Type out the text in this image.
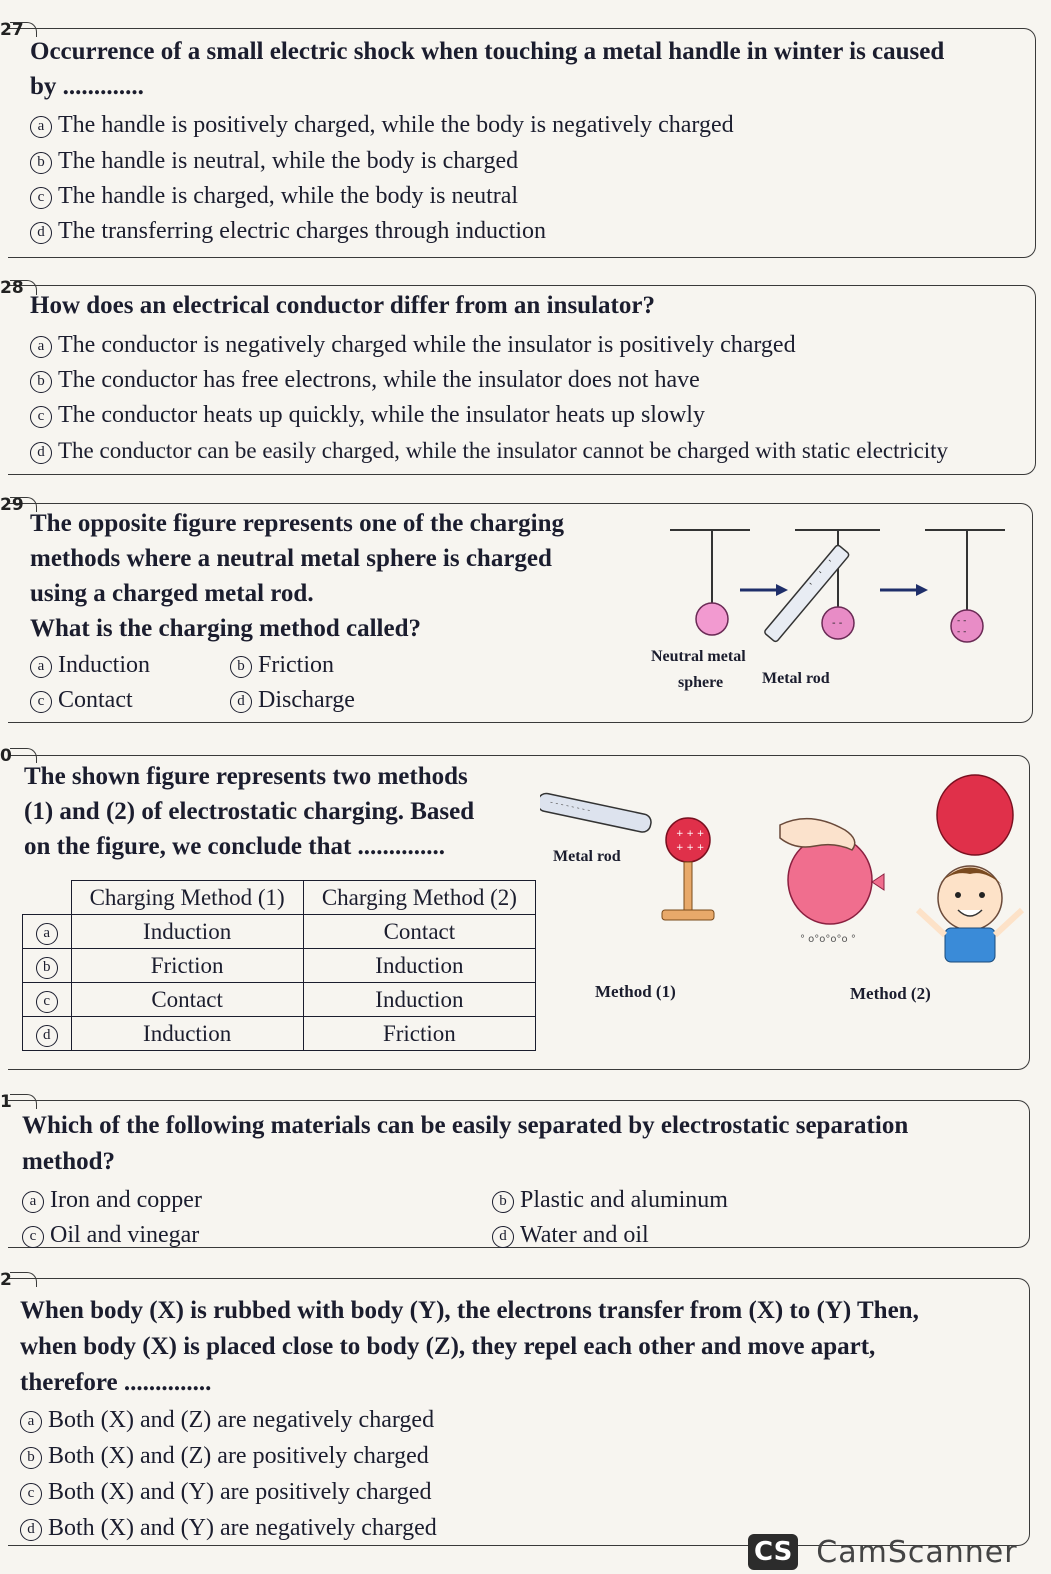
27
Occurrence of a small electric shock when touching a metal handle in winter is caused
by .............
a The handle is positively charged, while the body is negatively charged
b The handle is neutral, while the body is charged
c The handle is charged, while the body is neutral
d The transferring electric charges through induction
28
How does an electrical conductor differ from an insulator?
a The conductor is negatively charged while the insulator is positively charged
b The conductor has free electrons, while the insulator does not have
c The conductor heats up quickly, while the insulator heats up slowly
d The conductor can be easily charged, while the insulator cannot be charged with static electricity
29
The opposite figure represents one of the charging
methods where a neutral metal sphere is charged
using a charged metal rod.
What is the charging method called?
a Induction	b Friction
c Contact	d Discharge
- -
-
-
-
- -
- -
Neutral metal
sphere Metal rod
0
The shown figure represents two methods
(1) and (2) of electrostatic charging. Based
on the figure, we conclude that ..............
	Charging Method (1)	Charging Method (2)
a	Induction	Contact
b	Friction	Induction
c	Contact	Induction
d	Induction	Friction
- - - - - - - -
+ + +
+ + +
° o°o°o°o °
Metal rod
Method (1)	Method (2)
1
Which of the following materials can be easily separated by electrostatic separation
method?
a Iron and copper	b Plastic and aluminum
c Oil and vinegar	d Water and oil
2
When body (X) is rubbed with body (Y), the electrons transfer from (X) to (Y) Then,
when body (X) is placed close to body (Z), they repel each other and move apart,
therefore ..............
a Both (X) and (Z) are negatively charged
b Both (X) and (Z) are positively charged
c Both (X) and (Y) are positively charged
d Both (X) and (Y) are negatively charged
CS CamScanner
